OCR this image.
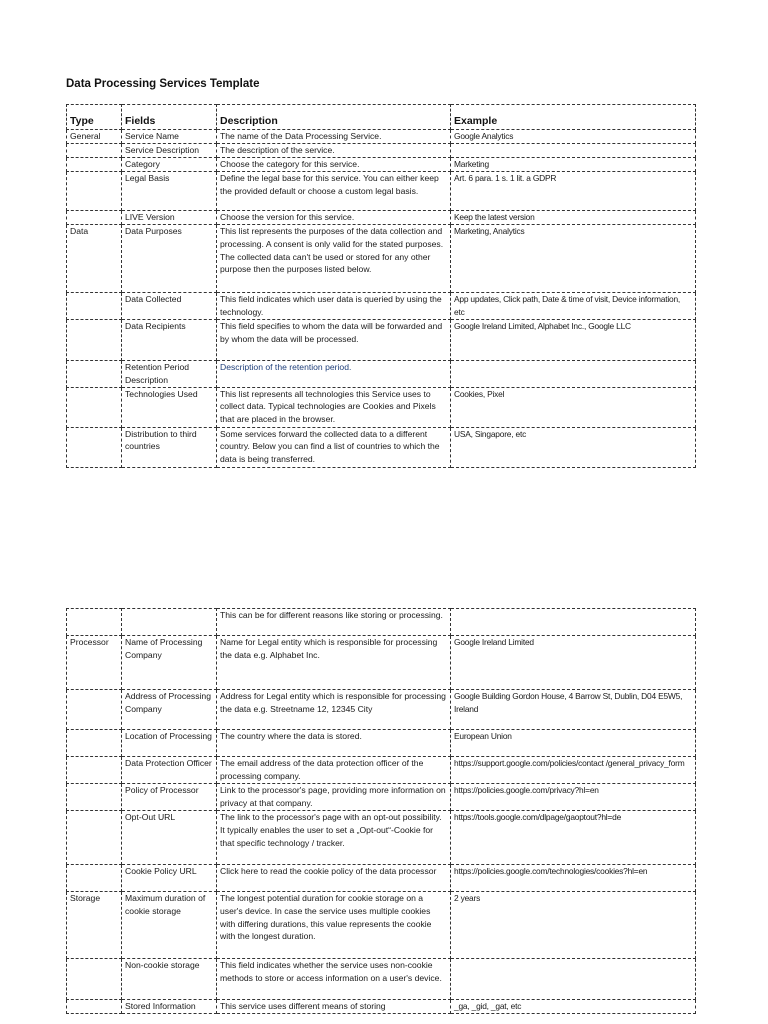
Data Processing Services Template
Type	Fields	Description	Example
General	Service Name	The name of the Data Processing Service.	Google Analytics
	Service Description	The description of the service.	
	Category	Choose the category for this service.	Marketing
	Legal Basis	Define the legal base for this service. You can either keep the provided default or choose a custom legal basis.	Art. 6 para. 1 s. 1 lit. a GDPR
	LIVE Version	Choose the version for this service.	Keep the latest version
Data	Data Purposes	This list represents the purposes of the data collection and processing. A consent is only valid for the stated purposes. The collected data can't be used or stored for any other purpose then the purposes listed below.	Marketing, Analytics
	Data Collected	This field indicates which user data is queried by using the technology.	App updates, Click path, Date & time of visit, Device information, etc
	Data Recipients	This field specifies to whom the data will be forwarded and by whom the data will be processed.	Google Ireland Limited, Alphabet Inc., Google LLC
	Retention Period Description	Description of the retention period.	
	Technologies Used	This list represents all technologies this Service uses to collect data. Typical technologies are Cookies and Pixels that are placed in the browser.	Cookies, Pixel
	Distribution to third countries	Some services forward the collected data to a different country. Below you can find a list of countries to which the data is being transferred.	USA, Singapore, etc
		This can be for different reasons like storing or processing.	
Processor	Name of Processing Company	Name for Legal entity which is responsible for processing the data e.g. Alphabet Inc.	Google Ireland Limited
	Address of Processing Company	Address for Legal entity which is responsible for processing the data e.g. Streetname 12, 12345 City	Google Building Gordon House, 4 Barrow St, Dublin, D04 E5W5, Ireland
	Location of Processing	The country where the data is stored.	European Union
	Data Protection Officer	The email address of the data protection officer of the processing company.	https://support.google.com/policies/contact /general_privacy_form
	Policy of Processor	Link to the processor's page, providing more information on privacy at that company.	https://policies.google.com/privacy?hl=en
	Opt-Out URL	The link to the processor's page with an opt-out possibility. It typically enables the user to set a „Opt-out“-Cookie for that specific technology / tracker.	https://tools.google.com/dlpage/gaoptout?hl=de
	Cookie Policy URL	Click here to read the cookie policy of the data processor	https://policies.google.com/technologies/cookies?hl=en
Storage	Maximum duration of cookie storage	The longest potential duration for cookie storage on a user's device. In case the service uses multiple cookies with differing durations, this value represents the cookie with the longest duration.	2 years
	Non-cookie storage	This field indicates whether the service uses non-cookie methods to store or access information on a user's device.	
	Stored Information	This service uses different means of storing	_ga, _gid, _gat, etc
